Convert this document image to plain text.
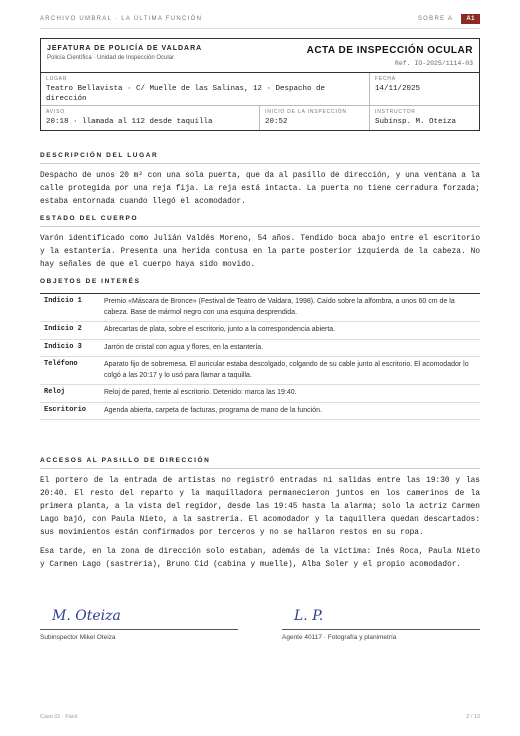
ARCHIVO UMBRAL · LA ÚLTIMA FUNCIÓN	SOBRE A	A1
JEFATURA DE POLICÍA DE VALDARA
Policía Científica · Unidad de Inspección Ocular
ACTA DE INSPECCIÓN OCULAR
Ref. IO-2025/1114-03
LUGAR
Teatro Bellavista · C/ Muelle de las Salinas, 12 · Despacho de dirección
FECHA
14/11/2025
AVISO
20:18 · llamada al 112 desde taquilla
INICIO DE LA INSPECCIÓN
20:52
INSTRUCTOR
Subinsp. M. Oteiza
DESCRIPCIÓN DEL LUGAR
Despacho de unos 20 m² con una sola puerta, que da al pasillo de dirección, y una ventana a la calle protegida por una reja fija. La reja está intacta. La puerta no tiene cerradura forzada; estaba entornada cuando llegó el acomodador.
ESTADO DEL CUERPO
Varón identificado como Julián Valdés Moreno, 54 años. Tendido boca abajo entre el escritorio y la estantería. Presenta una herida contusa en la parte posterior izquierda de la cabeza. No hay señales de que el cuerpo haya sido movido.
OBJETOS DE INTERÉS
Indicio 1	Premio «Máscara de Bronce» (Festival de Teatro de Valdara, 1998). Caído sobre la alfombra, a unos 60 cm de la cabeza. Base de mármol negro con una esquina desprendida.
Indicio 2	Abrecartas de plata, sobre el escritorio, junto a la correspondencia abierta.
Indicio 3	Jarrón de cristal con agua y flores, en la estantería.
Teléfono	Aparato fijo de sobremesa. El auricular estaba descolgado, colgando de su cable junto al escritorio. El acomodador lo colgó a las 20:17 y lo usó para llamar a taquilla.
Reloj	Reloj de pared, frente al escritorio. Detenido: marca las 19:40.
Escritorio	Agenda abierta, carpeta de facturas, programa de mano de la función.
ACCESOS AL PASILLO DE DIRECCIÓN
El portero de la entrada de artistas no registró entradas ni salidas entre las 19:30 y las 20:40. El resto del reparto y la maquilladora permanecieron juntos en los camerinos de la primera planta, a la vista del regidor, desde las 19:45 hasta la alarma; solo la actriz Carmen Lago bajó, con Paula Nieto, a la sastrería. El acomodador y la taquillera quedan descartados: sus movimientos están confirmados por terceros y no se hallaron restos en su ropa.
Esa tarde, en la zona de dirección solo estaban, además de la víctima: Inés Roca, Paula Nieto y Carmen Lago (sastrería), Bruno Cid (cabina y muelle), Alba Soler y el propio acomodador.
M. Oteiza
Subinspector Mikel Oteiza
L. P.
Agente 40117 · Fotografía y planimetría
Caso 01 · Fácil	2 / 13
